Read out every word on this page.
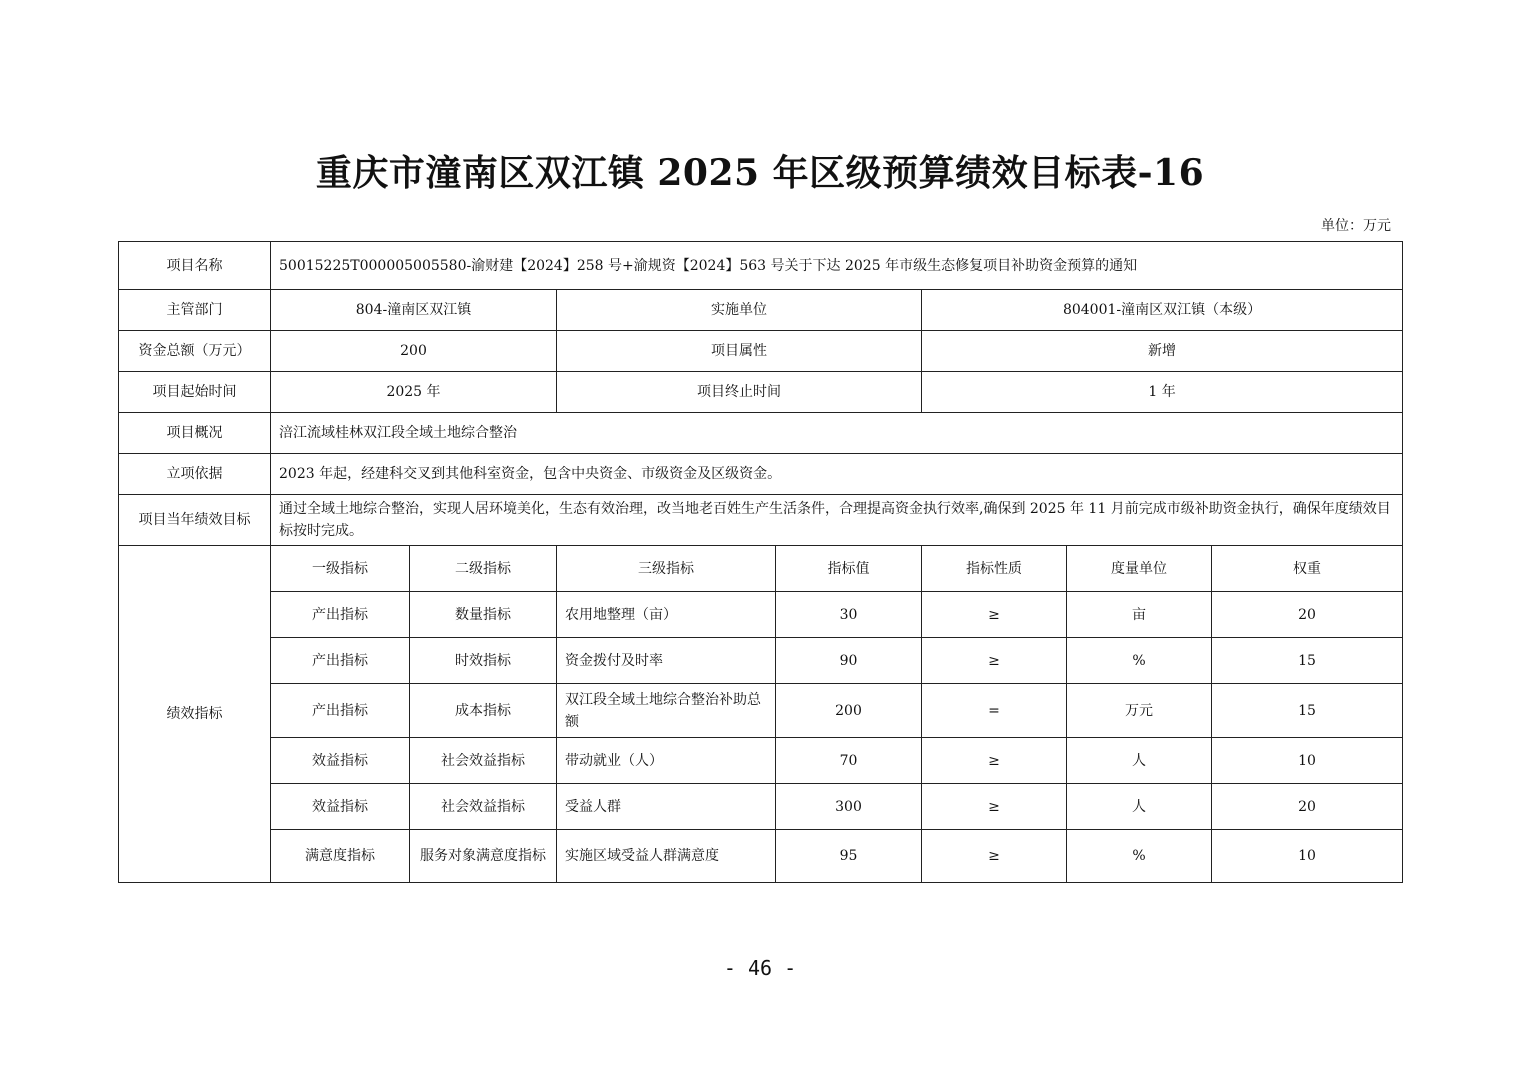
重庆市潼南区双江镇 2025 年区级预算绩效目标表-16
单位：万元
项目名称	50015225T000005005580-渝财建【2024】258 号+渝规资【2024】563 号关于下达 2025 年市级生态修复项目补助资金预算的通知						
主管部门	804-潼南区双江镇		实施单位		804001-潼南区双江镇（本级）		
资金总额（万元）	200		项目属性		新增		
项目起始时间	2025 年		项目终止时间		1 年		
项目概况	涪江流域桂林双江段全域土地综合整治						
立项依据	2023 年起，经建科交叉到其他科室资金，包含中央资金、市级资金及区级资金。						
项目当年绩效目标	通过全域土地综合整治，实现人居环境美化，生态有效治理，改当地老百姓生产生活条件，合理提高资金执行效率,确保到 2025 年 11 月前完成市级补助资金执行，确保年度绩效目标按时完成。						
绩效指标	一级指标	二级指标	三级指标	指标值	指标性质	度量单位	权重
	产出指标	数量指标	农用地整理（亩）	30	≥	亩	20
	产出指标	时效指标	资金拨付及时率	90	≥	%	15
	产出指标	成本指标	双江段全域土地综合整治补助总额	200	=	万元	15
	效益指标	社会效益指标	带动就业（人）	70	≥	人	10
	效益指标	社会效益指标	受益人群	300	≥	人	20
	满意度指标	服务对象满意度指标	实施区域受益人群满意度	95	≥	%	10
- 46 -
